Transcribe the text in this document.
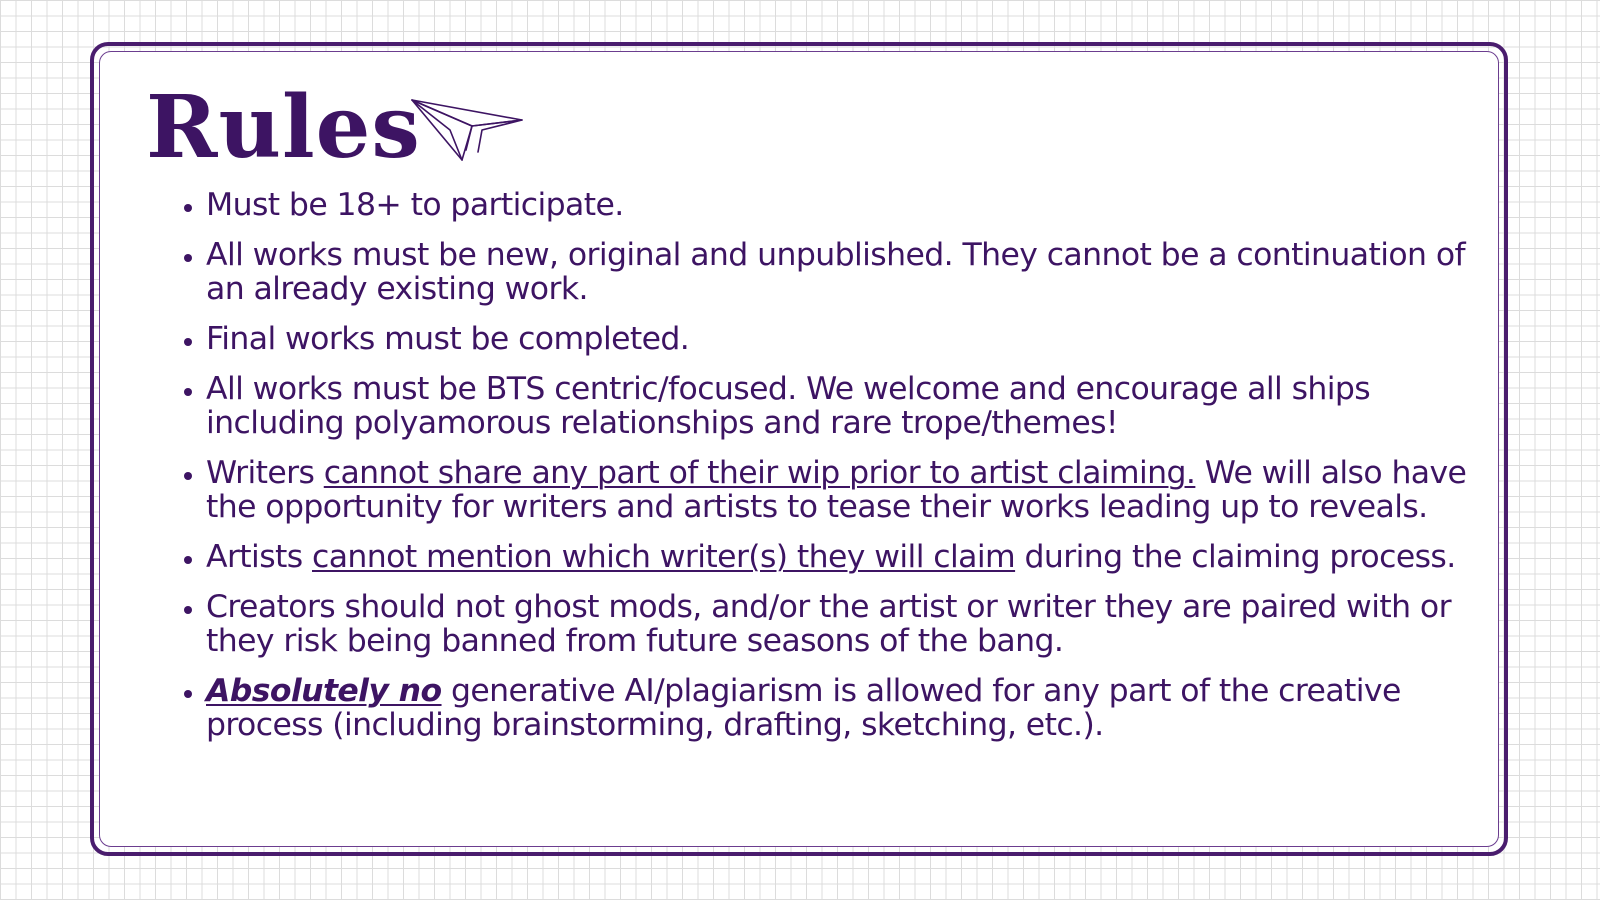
Rules
• Must be 18+ to participate.
• All works must be new, original and unpublished. They cannot be a continuation of an already existing work.
• Final works must be completed.
• All works must be BTS centric/focused. We welcome and encourage all ships including polyamorous relationships and rare trope/themes!
• Writers cannot share any part of their wip prior to artist claiming. We will also have the opportunity for writers and artists to tease their works leading up to reveals.
• Artists cannot mention which writer(s) they will claim during the claiming process.
• Creators should not ghost mods, and/or the artist or writer they are paired with or they risk being banned from future seasons of the bang.
• Absolutely no generative AI/plagiarism is allowed for any part of the creative process (including brainstorming, drafting, sketching, etc.).
